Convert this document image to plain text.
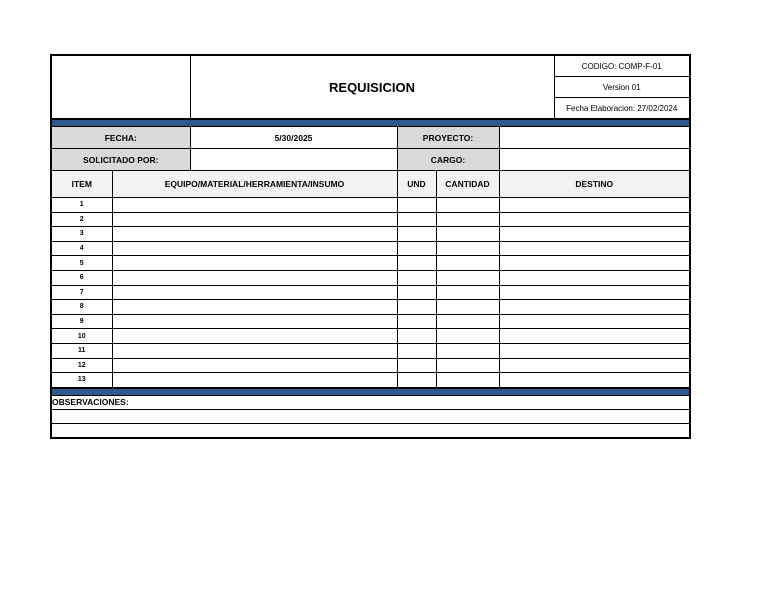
	REQUISICION	CODIGO: COMP-F-01
Version 01
Fecha Elaboracion: 27/02/2024
FECHA:	5/30/2025	PROYECTO:	
SOLICITADO POR:		CARGO:	
ITEM	EQUIPO/MATERIAL/HERRAMIENTA/INSUMO	UND	CANTIDAD	DESTINO
1				
2				
3				
4				
5				
6				
7				
8				
9				
10				
11				
12				
13				
OBSERVACIONES:
